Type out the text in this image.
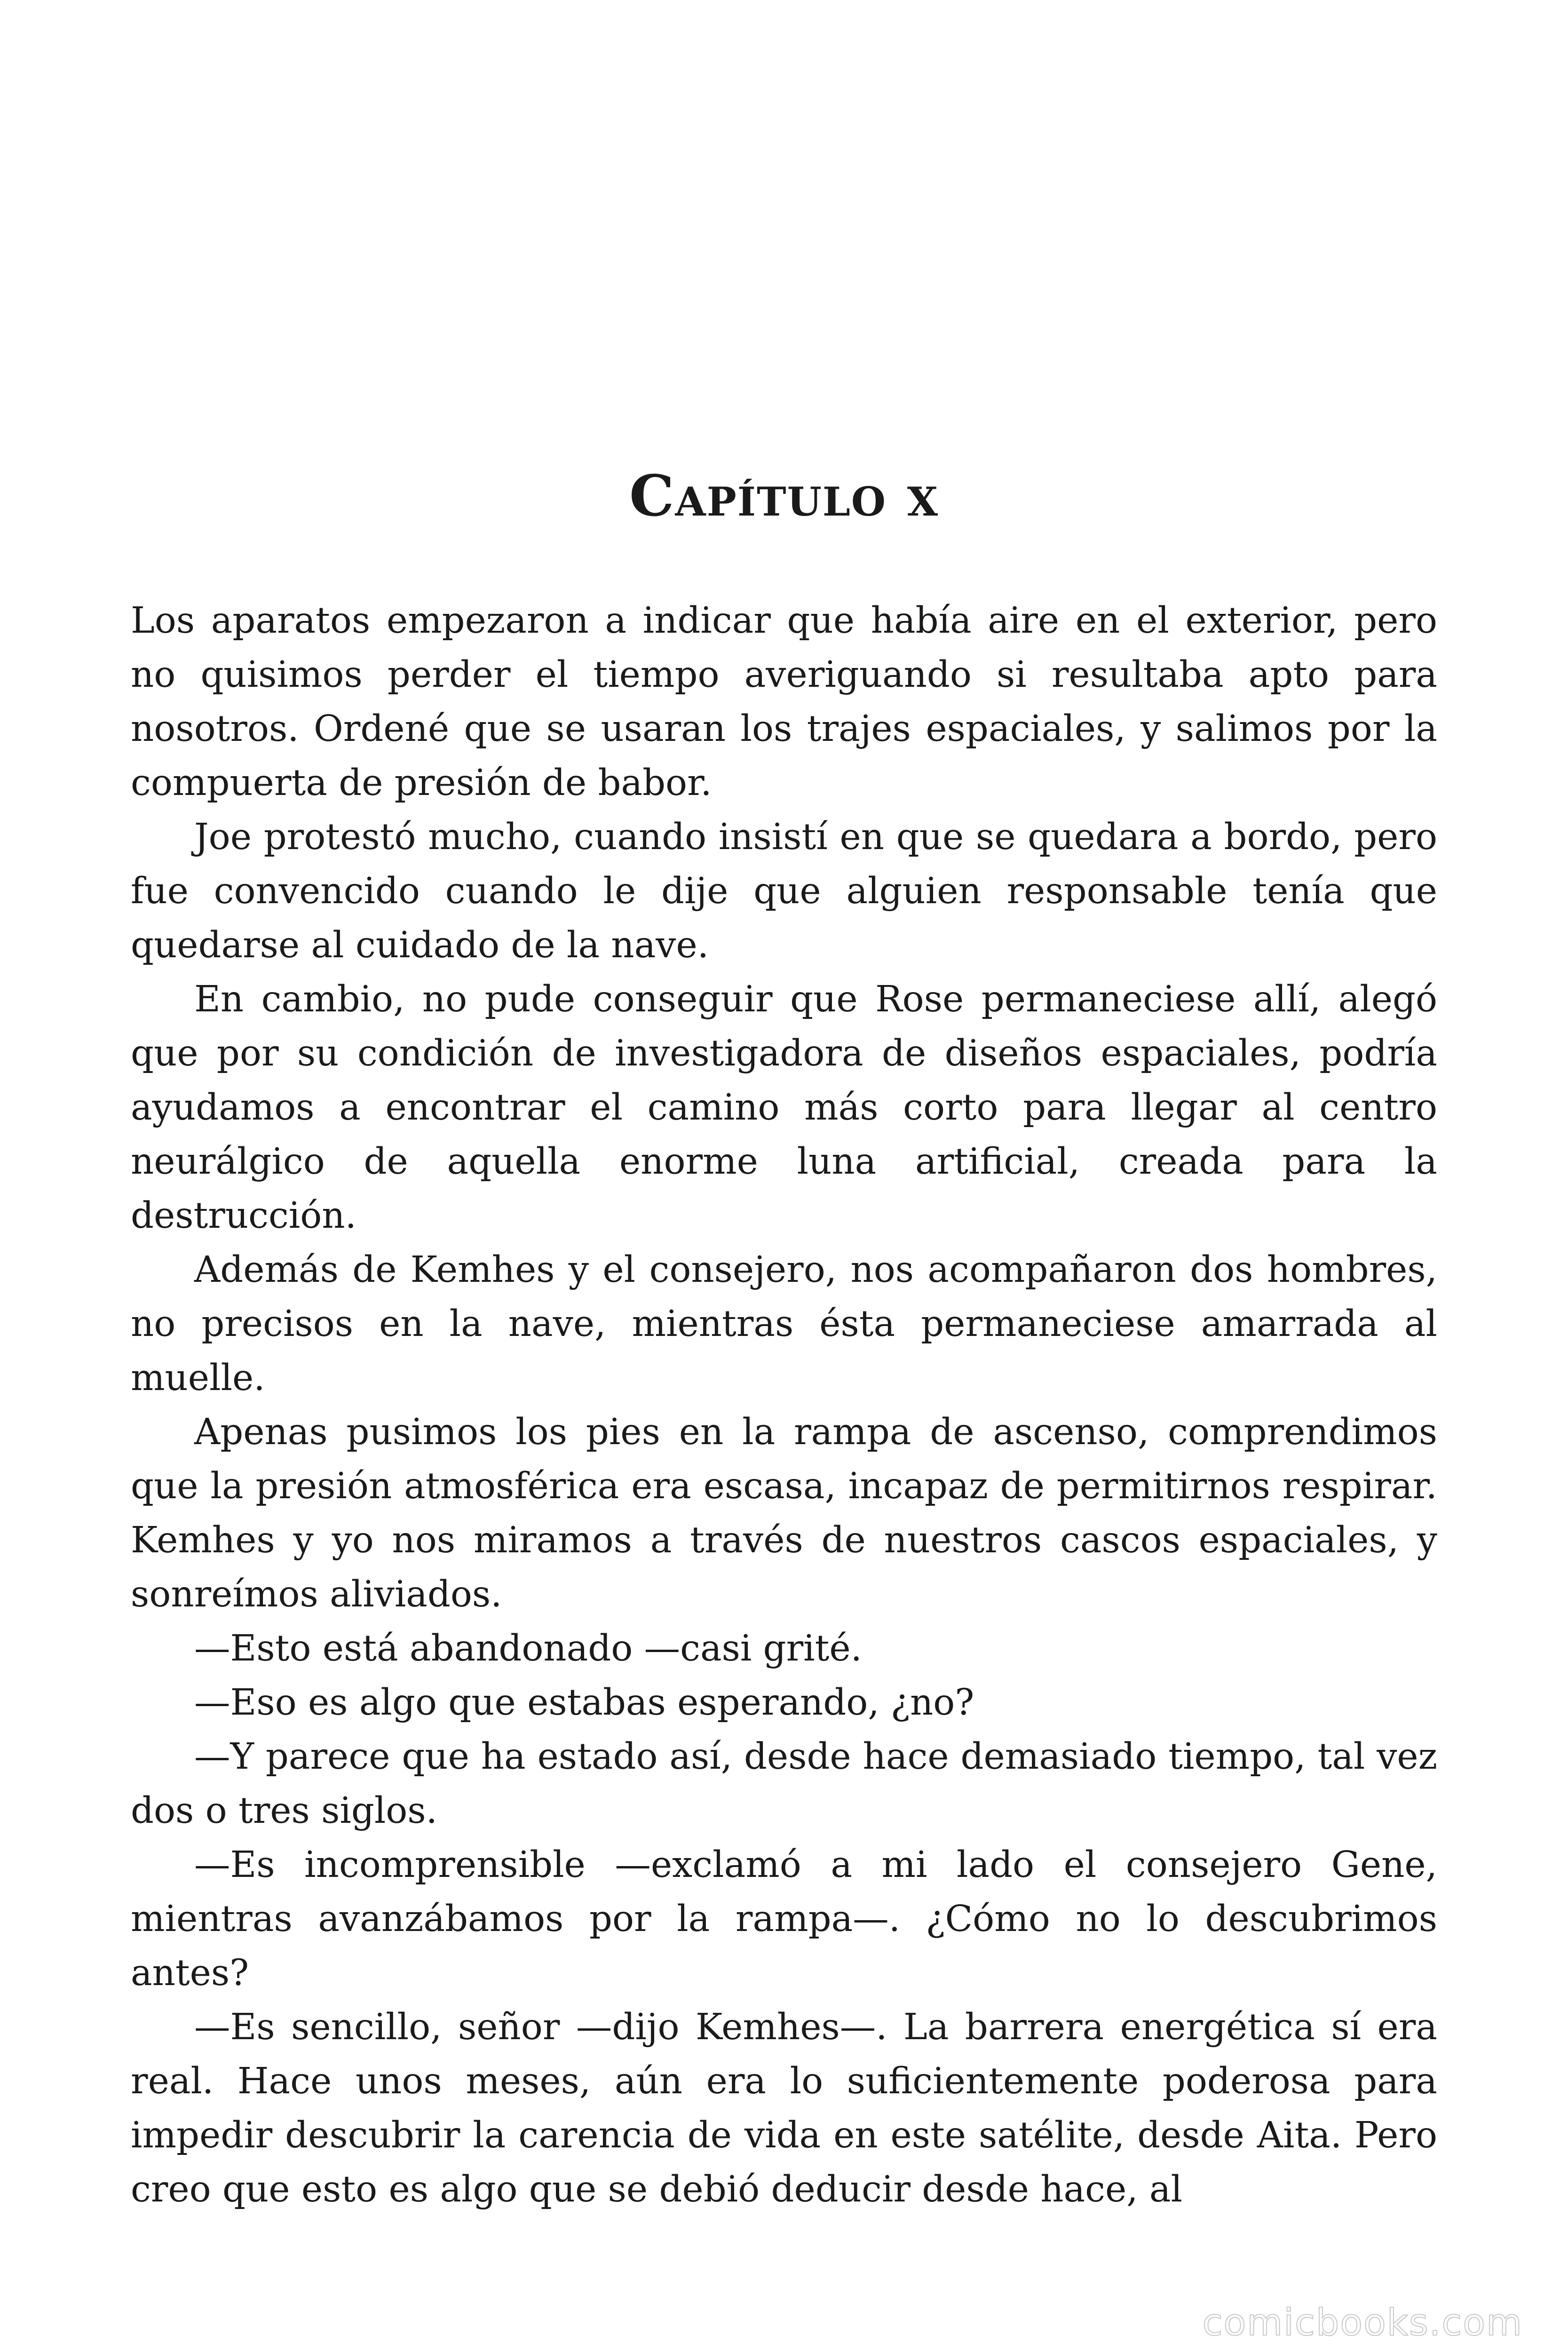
Capítulo x

Los aparatos empezaron a indicar que había aire en el exterior, pero no quisimos perder el tiempo averiguando si resultaba apto para nosotros. Ordené que se usaran los trajes espaciales, y salimos por la compuerta de presión de babor.

Joe protestó mucho, cuando insistí en que se quedara a bordo, pero fue convencido cuando le dije que alguien responsable tenía que quedarse al cuidado de la nave.

En cambio, no pude conseguir que Rose permaneciese allí, alegó que por su condición de investigadora de diseños espaciales, podría ayudamos a encontrar el camino más corto para llegar al centro neurálgico de aquella enorme luna artificial, creada para la destrucción.

Además de Kemhes y el consejero, nos acompañaron dos hombres, no precisos en la nave, mientras ésta permaneciese amarrada al muelle.

Apenas pusimos los pies en la rampa de ascenso, comprendimos que la presión atmosférica era escasa, incapaz de permitirnos respirar. Kemhes y yo nos miramos a través de nuestros cascos espaciales, y sonreímos aliviados.

—Esto está abandonado —casi grité.

—Eso es algo que estabas esperando, ¿no?

—Y parece que ha estado así, desde hace demasiado tiempo, tal vez dos o tres siglos.

—Es incomprensible —exclamó a mi lado el consejero Gene, mientras avanzábamos por la rampa—. ¿Cómo no lo descubrimos antes?

—Es sencillo, señor —dijo Kemhes—. La barrera energética sí era real. Hace unos meses, aún era lo suficientemente poderosa para impedir descubrir la carencia de vida en este satélite, desde Aita. Pero creo que esto es algo que se debió deducir desde hace, al

comicbooks.com
